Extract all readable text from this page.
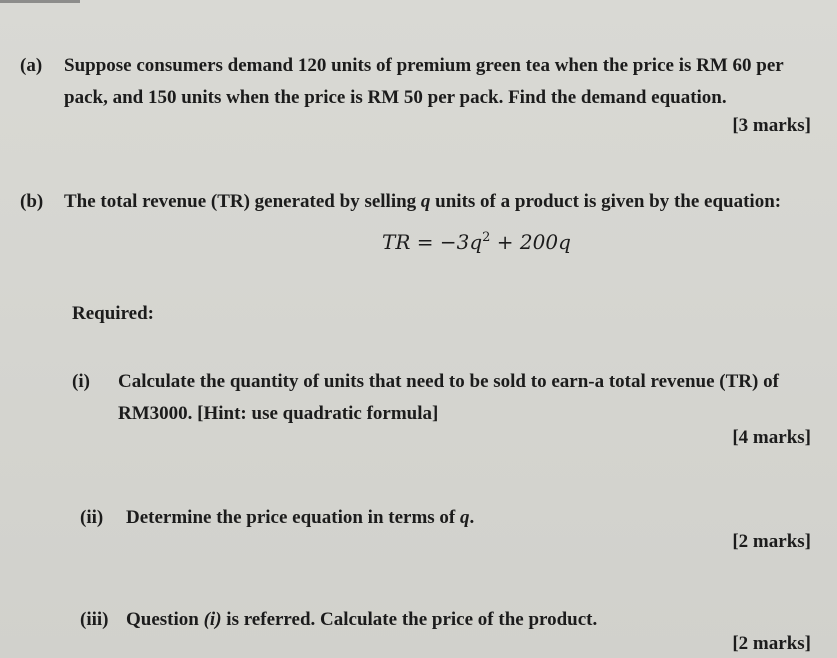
(a) Suppose consumers demand 120 units of premium green tea when the price is RM 60 per
pack, and 150 units when the price is RM 50 per pack. Find the demand equation.
[3 marks]
(b) The total revenue (TR) generated by selling q units of a product is given by the equation:
TR = $-3q^2 + 200q$
Required:
(i) Calculate the quantity of units that need to be sold to earn-a total revenue (TR) of
RM3000. [Hint: use quadratic formula]
[4 marks]
(ii) Determine the price equation in terms of q.
[2 marks]
(iii) Question (i) is referred. Calculate the price of the product.
[2 marks]
